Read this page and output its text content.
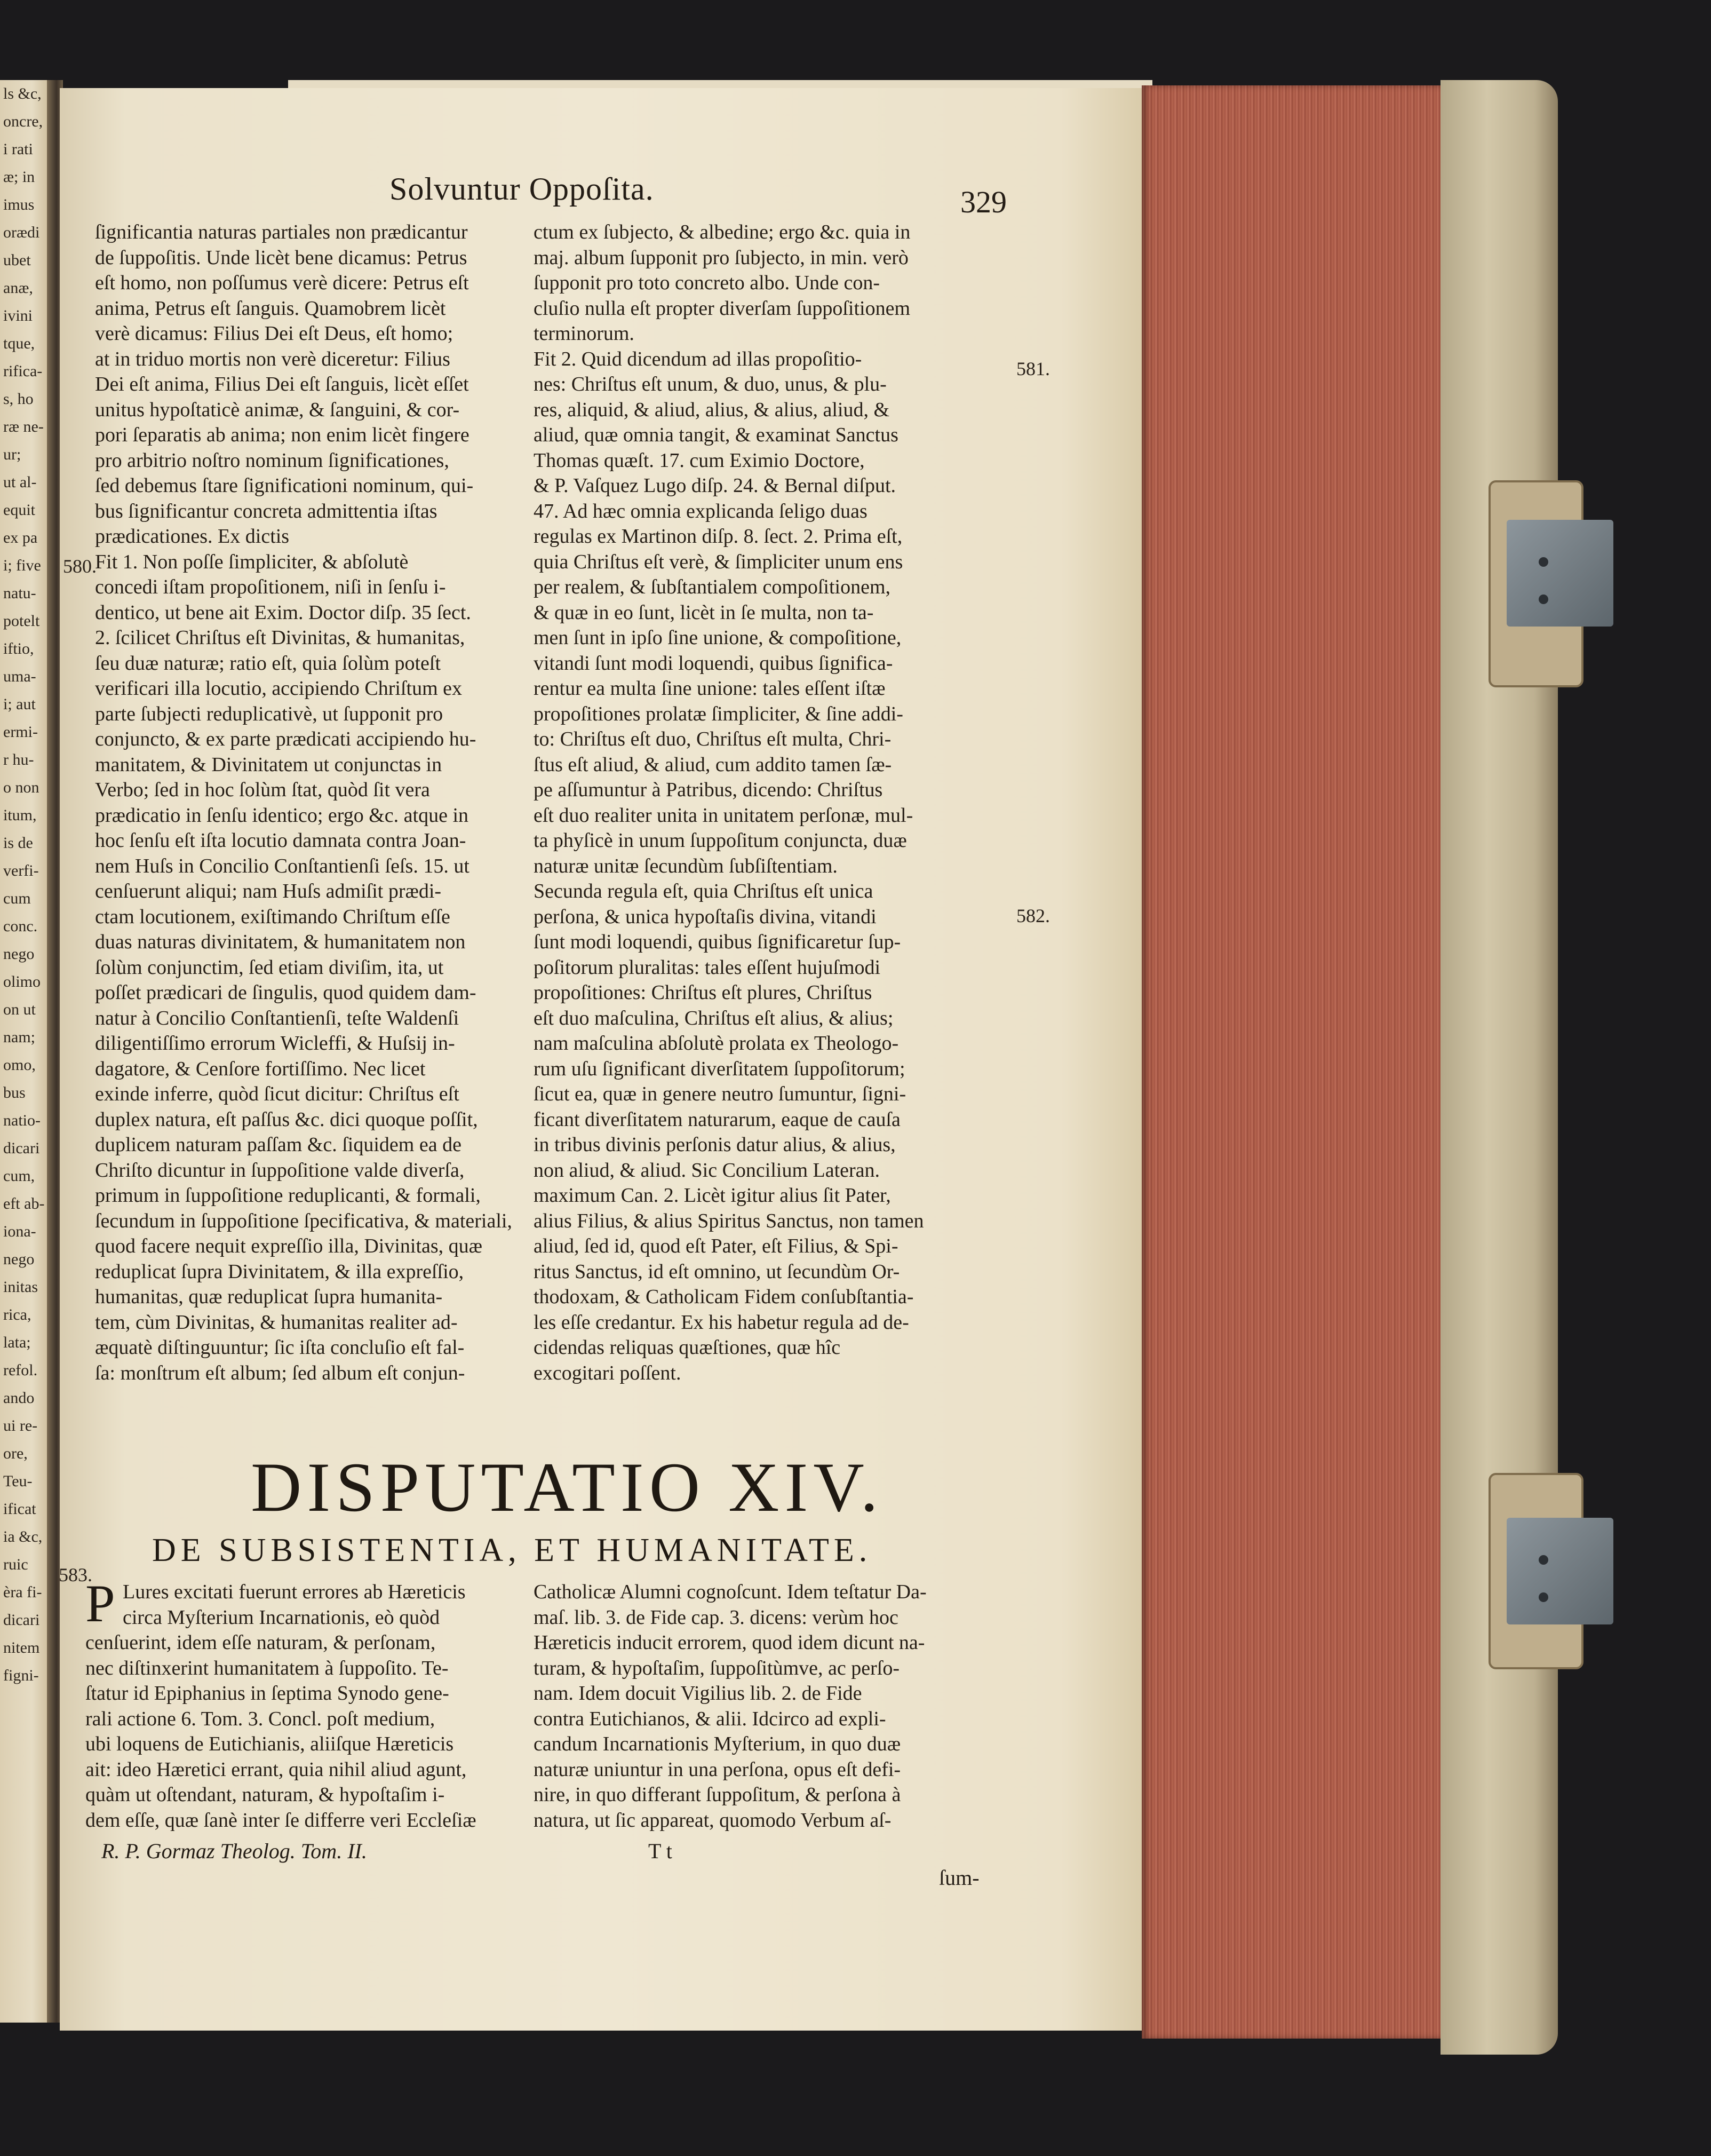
ls &c,
oncre,
i rati
æ; in
imus
orædi
ubet
anæ,
ivini
tque,
rifica-
s, ho
ræ ne-
ur;
ut al-
equit
ex pa
i; five
natu-
potelt
iftio,
uma-
i; aut
ermi-
r hu-
o non
itum,
is de
verfi-
cum
conc.
nego
olimo
on ut
nam;
omo,
bus
natio-
dicari
cum,
eft ab-
iona-
nego
initas
rica,
lata;
refol.
ando
ui re-
ore,
Teu-
ificat
ia &c,
ruic
èra fi-
dicari
nitem
figni-
Solvuntur Oppoſita.	329
ſignificantia naturas partiales non prædicantur
de ſuppoſitis. Unde licèt bene dicamus: Petrus
eſt homo, non poſſumus verè dicere: Petrus eſt
anima, Petrus eſt ſanguis. Quamobrem licèt
verè dicamus: Filius Dei eſt Deus, eſt homo;
at in triduo mortis non verè diceretur: Filius
Dei eſt anima, Filius Dei eſt ſanguis, licèt eſſet
unitus hypoſtaticè animæ, & ſanguini, & cor-
pori ſeparatis ab anima; non enim licèt fingere
pro arbitrio noſtro nominum ſignificationes,
ſed debemus ſtare ſignificationi nominum, qui-
bus ſignificantur concreta admittentia iſtas
prædicationes. Ex dictis
Fit 1. Non poſſe ſimpliciter, & abſolutè
concedi iſtam propoſitionem, niſi in ſenſu i-
dentico, ut bene ait Exim. Doctor diſp. 35 ſect.
2. ſcilicet Chriſtus eſt Divinitas, & humanitas,
ſeu duæ naturæ; ratio eſt, quia ſolùm poteſt
verificari illa locutio, accipiendo Chriſtum ex
parte ſubjecti reduplicativè, ut ſupponit pro
conjuncto, & ex parte prædicati accipiendo hu-
manitatem, & Divinitatem ut conjunctas in
Verbo; ſed in hoc ſolùm ſtat, quòd ſit vera
prædicatio in ſenſu identico; ergo &c. atque in
hoc ſenſu eſt iſta locutio damnata contra Joan-
nem Huſs in Concilio Conſtantienſi ſeſs. 15. ut
cenſuerunt aliqui; nam Huſs admiſit prædi-
ctam locutionem, exiſtimando Chriſtum eſſe
duas naturas divinitatem, & humanitatem non
ſolùm conjunctim, ſed etiam diviſim, ita, ut
poſſet prædicari de ſingulis, quod quidem dam-
natur à Concilio Conſtantienſi, teſte Waldenſi
diligentiſſimo errorum Wicleffi, & Huſsij in-
dagatore, & Cenſore fortiſſimo. Nec licet
exinde inferre, quòd ſicut dicitur: Chriſtus eſt
duplex natura, eſt paſſus &c. dici quoque poſſit,
duplicem naturam paſſam &c. ſiquidem ea de
Chriſto dicuntur in ſuppoſitione valde diverſa,
primum in ſuppoſitione reduplicanti, & formali,
ſecundum in ſuppoſitione ſpecificativa, & materiali,
quod facere nequit expreſſio illa, Divinitas, quæ
reduplicat ſupra Divinitatem, & illa expreſſio,
humanitas, quæ reduplicat ſupra humanita-
tem, cùm Divinitas, & humanitas realiter ad-
æquatè diſtinguuntur; ſic iſta concluſio eſt fal-
ſa: monſtrum eſt album; ſed album eſt conjun-
ctum ex ſubjecto, & albedine; ergo &c. quia in
maj. album ſupponit pro ſubjecto, in min. verò
ſupponit pro toto concreto albo. Unde con-
cluſio nulla eſt propter diverſam ſuppoſitionem
terminorum.
Fit 2. Quid dicendum ad illas propoſitio-
nes: Chriſtus eſt unum, & duo, unus, & plu-
res, aliquid, & aliud, alius, & alius, aliud, &
aliud, quæ omnia tangit, & examinat Sanctus
Thomas quæſt. 17. cum Eximio Doctore,
& P. Vaſquez Lugo diſp. 24. & Bernal diſput.
47. Ad hæc omnia explicanda ſeligo duas
regulas ex Martinon diſp. 8. ſect. 2. Prima eſt,
quia Chriſtus eſt verè, & ſimpliciter unum ens
per realem, & ſubſtantialem compoſitionem,
& quæ in eo ſunt, licèt in ſe multa, non ta-
men ſunt in ipſo ſine unione, & compoſitione,
vitandi ſunt modi loquendi, quibus ſignifica-
rentur ea multa ſine unione: tales eſſent iſtæ
propoſitiones prolatæ ſimpliciter, & ſine addi-
to: Chriſtus eſt duo, Chriſtus eſt multa, Chri-
ſtus eſt aliud, & aliud, cum addito tamen ſæ-
pe aſſumuntur à Patribus, dicendo: Chriſtus
eſt duo realiter unita in unitatem perſonæ, mul-
ta phyſicè in unum ſuppoſitum conjuncta, duæ
naturæ unitæ ſecundùm ſubſiſtentiam.
Secunda regula eſt, quia Chriſtus eſt unica
perſona, & unica hypoſtaſis divina, vitandi
ſunt modi loquendi, quibus ſignificaretur ſup-
poſitorum pluralitas: tales eſſent hujuſmodi
propoſitiones: Chriſtus eſt plures, Chriſtus
eſt duo maſculina, Chriſtus eſt alius, & alius;
nam maſculina abſolutè prolata ex Theologo-
rum uſu ſignificant diverſitatem ſuppoſitorum;
ſicut ea, quæ in genere neutro ſumuntur, ſigni-
ficant diverſitatem naturarum, eaque de cauſa
in tribus divinis perſonis datur alius, & alius,
non aliud, & aliud. Sic Concilium Lateran.
maximum Can. 2. Licèt igitur alius ſit Pater,
alius Filius, & alius Spiritus Sanctus, non tamen
aliud, ſed id, quod eſt Pater, eſt Filius, & Spi-
ritus Sanctus, id eſt omnino, ut ſecundùm Or-
thodoxam, & Catholicam Fidem conſubſtantia-
les eſſe credantur. Ex his habetur regula ad de-
cidendas reliquas quæſtiones, quæ hîc
excogitari poſſent.
580.
581.
582.
583.
DISPUTATIO XIV.
DE SUBSISTENTIA, ET HUMANITATE.
P Lures excitati fuerunt errores ab Hæreticis
circa Myſterium Incarnationis, eò quòd
cenſuerint, idem eſſe naturam, & perſonam,
nec diſtinxerint humanitatem à ſuppoſito. Te-
ſtatur id Epiphanius in ſeptima Synodo gene-
rali actione 6. Tom. 3. Concl. poſt medium,
ubi loquens de Eutichianis, aliiſque Hæreticis
ait: ideo Hæretici errant, quia nihil aliud agunt,
quàm ut oſtendant, naturam, & hypoſtaſim i-
dem eſſe, quæ ſanè inter ſe differre veri Eccleſiæ
Catholicæ Alumni cognoſcunt. Idem teſtatur Da-
maſ. lib. 3. de Fide cap. 3. dicens: verùm hoc
Hæreticis inducit errorem, quod idem dicunt na-
turam, & hypoſtaſim, ſuppoſitùmve, ac perſo-
nam. Idem docuit Vigilius lib. 2. de Fide
contra Eutichianos, & alii. Idcirco ad expli-
candum Incarnationis Myſterium, in quo duæ
naturæ uniuntur in una perſona, opus eſt defi-
nire, in quo differant ſuppoſitum, & perſona à
natura, ut ſic appareat, quomodo Verbum aſ-
R. P. Gormaz Theolog. Tom. II.	T t
ſum-
